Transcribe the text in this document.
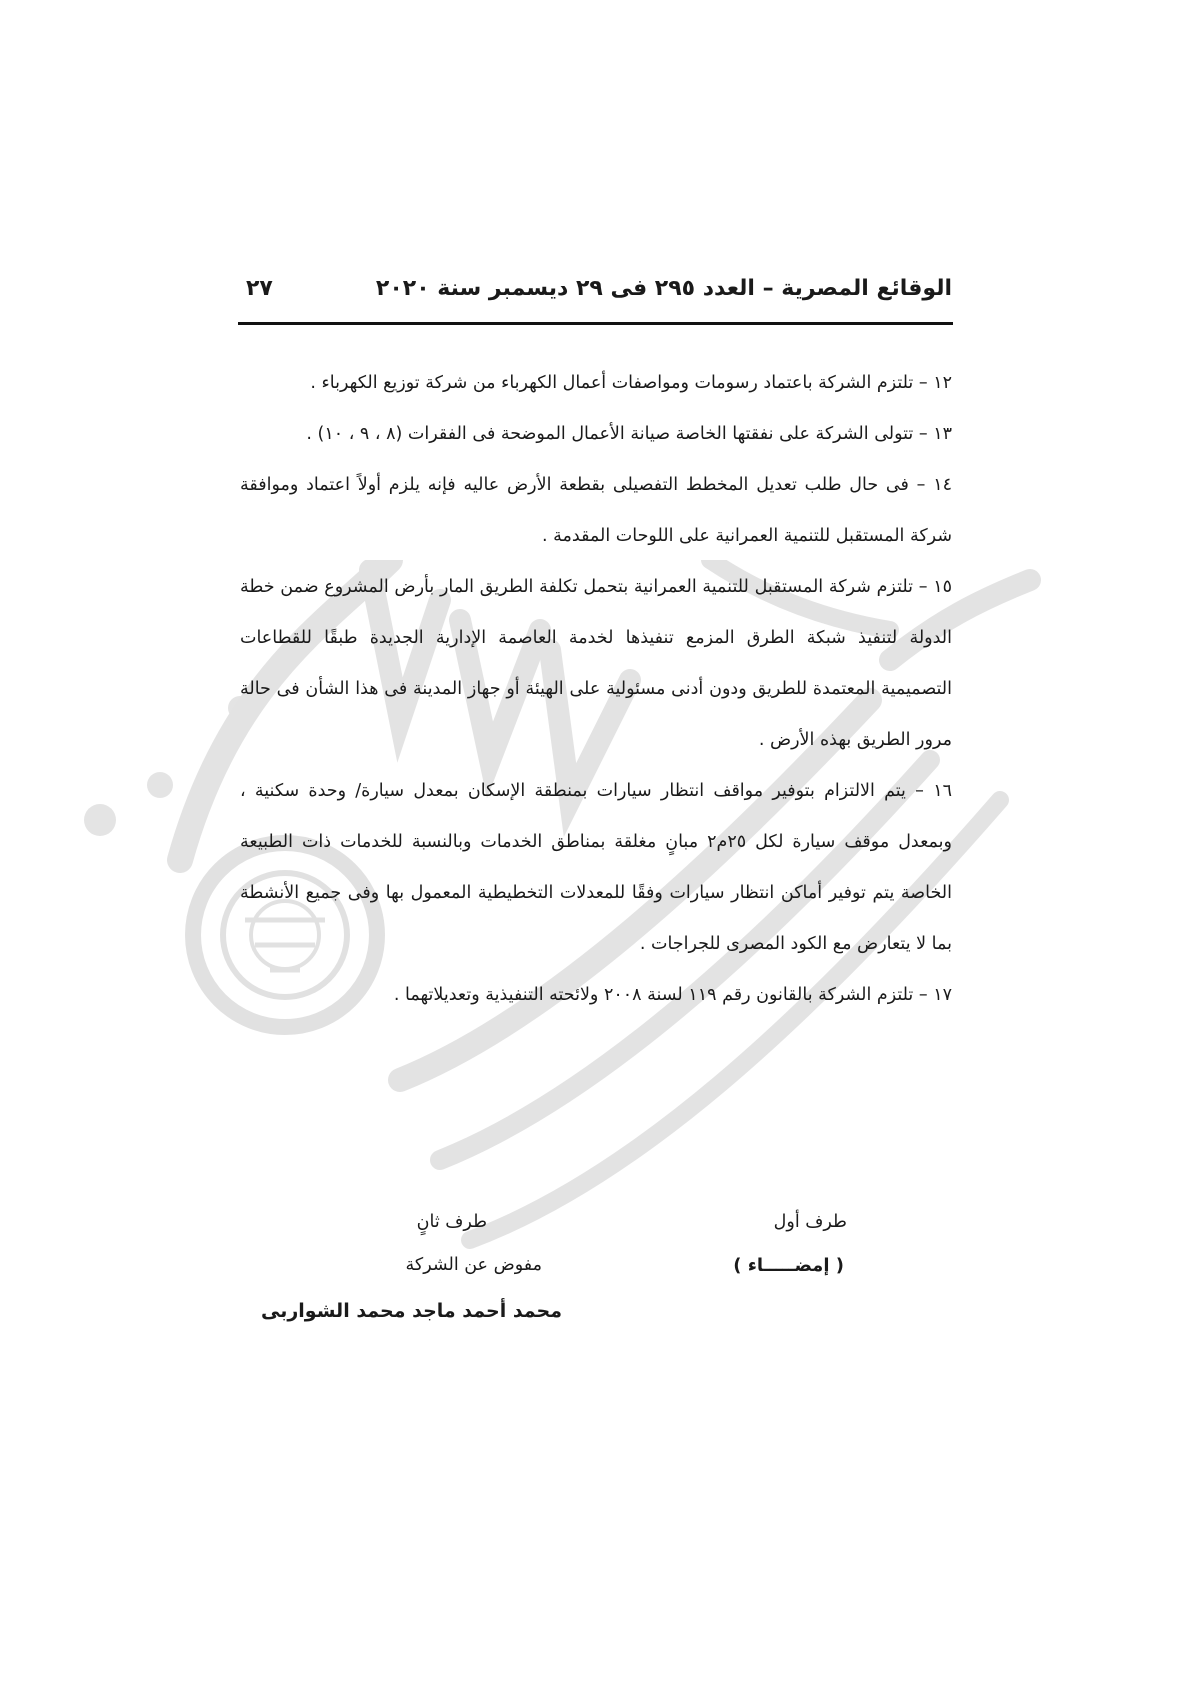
الوقائع المصرية – العدد ٢٩٥ فى ٢٩ ديسمبر سنة ٢٠٢٠
٢٧

١٢ – تلتزم الشركة باعتماد رسومات ومواصفات أعمال الكهرباء من شركة توزيع الكهرباء .

١٣ – تتولى الشركة على نفقتها الخاصة صيانة الأعمال الموضحة فى الفقرات (٨ ، ٩ ، ١٠) .

١٤ – فى حال طلب تعديل المخطط التفصيلى بقطعة الأرض عاليه فإنه يلزم أولاً اعتماد وموافقة شركة المستقبل للتنمية العمرانية على اللوحات المقدمة .

١٥ – تلتزم شركة المستقبل للتنمية العمرانية بتحمل تكلفة الطريق المار بأرض المشروع ضمن خطة الدولة لتنفيذ شبكة الطرق المزمع تنفيذها لخدمة العاصمة الإدارية الجديدة طبقًا للقطاعات التصميمية المعتمدة للطريق ودون أدنى مسئولية على الهيئة أو جهاز المدينة فى هذا الشأن فى حالة مرور الطريق بهذه الأرض .

١٦ – يتم الالتزام بتوفير مواقف انتظار سيارات بمنطقة الإسكان بمعدل سيارة/ وحدة سكنية ، وبمعدل موقف سيارة لكل ٢٥م٢ مبانٍ مغلقة بمناطق الخدمات وبالنسبة للخدمات ذات الطبيعة الخاصة يتم توفير أماكن انتظار سيارات وفقًا للمعدلات التخطيطية المعمول بها وفى جميع الأنشطة بما لا يتعارض مع الكود المصرى للجراجات .

١٧ – تلتزم الشركة بالقانون رقم ١١٩ لسنة ٢٠٠٨ ولائحته التنفيذية وتعديلاتهما .

طرف أول
( إمضـــــاء )
طرف ثانٍ
مفوض عن الشركة
محمد أحمد ماجد محمد الشواربى
